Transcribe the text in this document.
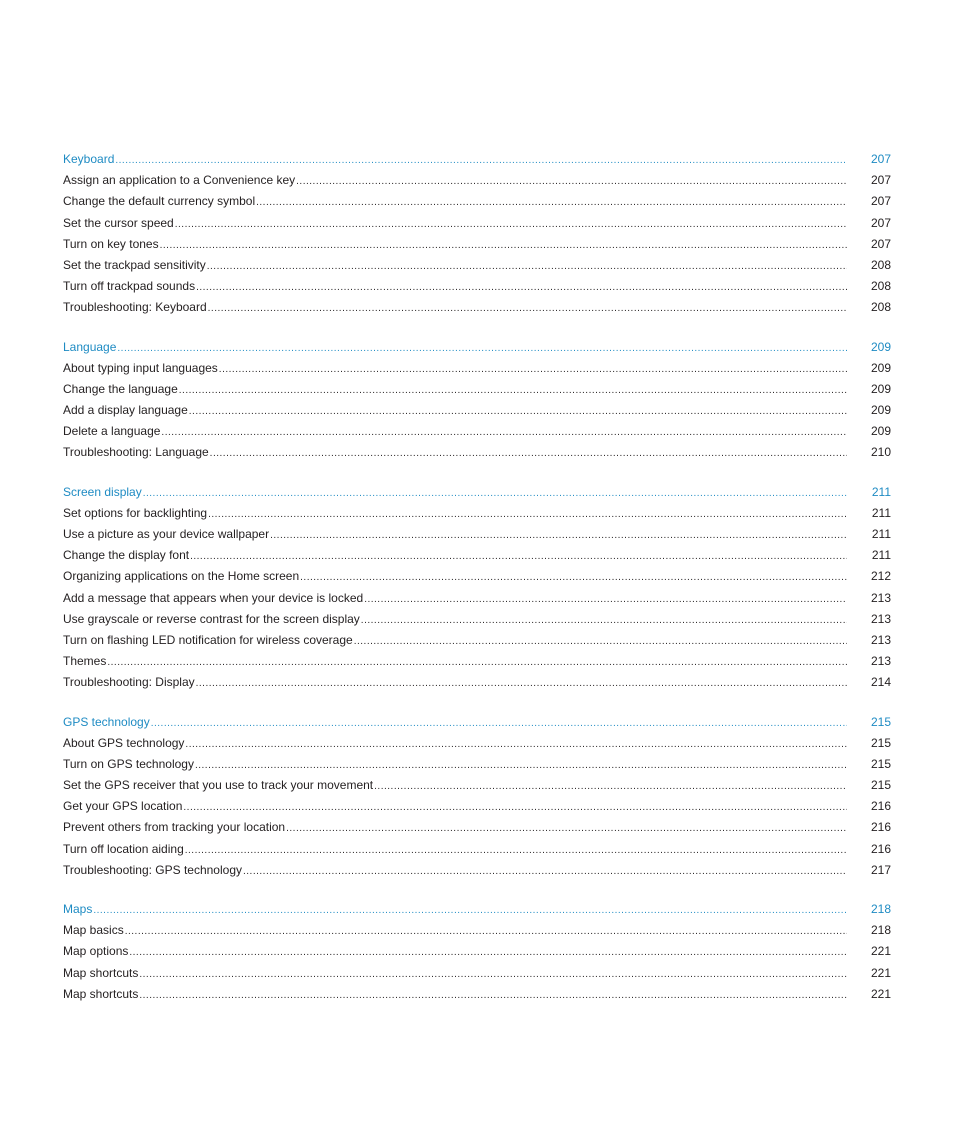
Keyboard .....	207
Assign an application to a Convenience key .....	207
Change the default currency symbol .....	207
Set the cursor speed .....	207
Turn on key tones .....	207
Set the trackpad sensitivity .....	208
Turn off trackpad sounds .....	208
Troubleshooting: Keyboard .....	208
Language .....	209
About typing input languages .....	209
Change the language .....	209
Add a display language .....	209
Delete a language .....	209
Troubleshooting: Language .....	210
Screen display .....	211
Set options for backlighting .....	211
Use a picture as your device wallpaper .....	211
Change the display font .....	211
Organizing applications on the Home screen .....	212
Add a message that appears when your device is locked .....	213
Use grayscale or reverse contrast for the screen display .....	213
Turn on flashing LED notification for wireless coverage .....	213
Themes .....	213
Troubleshooting: Display .....	214
GPS technology .....	215
About GPS technology .....	215
Turn on GPS technology .....	215
Set the GPS receiver that you use to track your movement .....	215
Get your GPS location .....	216
Prevent others from tracking your location .....	216
Turn off location aiding .....	216
Troubleshooting: GPS technology .....	217
Maps .....	218
Map basics .....	218
Map options .....	221
Map shortcuts .....	221
Map shortcuts .....	221
